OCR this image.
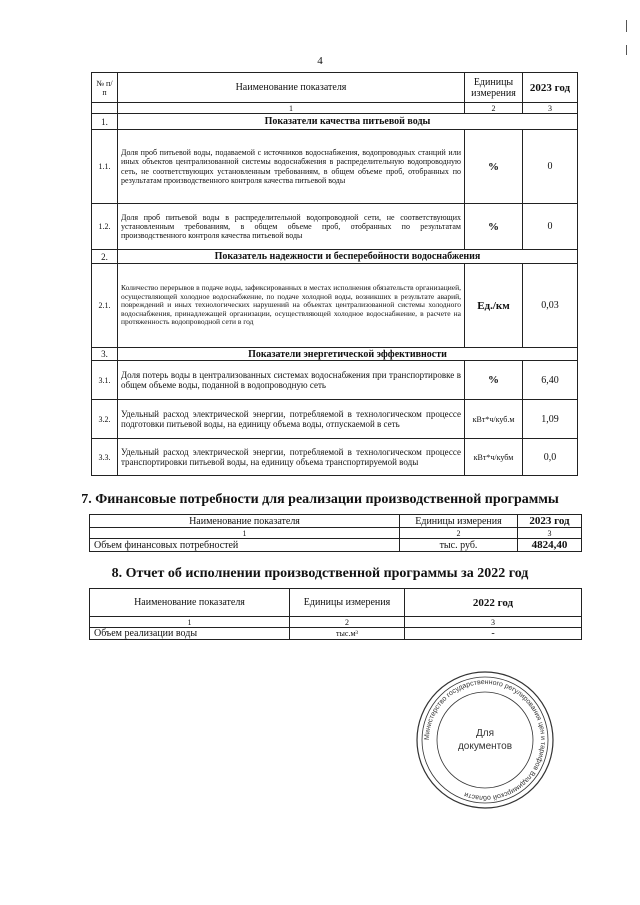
4
№ п/п	Наименование показателя	Единицы измерения	2023 год
	1	2	3
1.	Показатели качества питьевой воды		
1.1.	Доля проб питьевой воды, подаваемой с источников водоснабжения, водопроводных станций или иных объектов централизованной системы водоснабжения в распределительную водопроводную сеть, не соответствующих установленным требованиям, в общем объеме проб, отобранных по результатам производственного контроля качества питьевой воды	%	0
1.2.	Доля проб питьевой воды в распределительной водопроводной сети, не соответствующих установленным требованиям, в общем объеме проб, отобранных по результатам производственного контроля качества питьевой воды	%	0
2.	Показатель надежности и бесперебойности водоснабжения		
2.1.	Количество перерывов в подаче воды, зафиксированных в местах исполнения обязательств организацией, осуществляющей холодное водоснабжение, по подаче холодной воды, возникших в результате аварий, повреждений и иных технологических нарушений на объектах централизованной системы холодного водоснабжения, принадлежащей организации, осуществляющей холодное водоснабжение, в расчете на протяженность водопроводной сети в год	Ед./км	0,03
3.	Показатели энергетической эффективности		
3.1.	Доля потерь воды в централизованных системах водоснабжения при транспортировке в общем объеме воды, поданной в водопроводную сеть	%	6,40
3.2.	Удельный расход электрической энергии, потребляемой в технологическом процессе подготовки питьевой воды, на единицу объема воды, отпускаемой в сеть	кВт*ч/куб.м	1,09
3.3.	Удельный расход электрической энергии, потребляемой в технологическом процессе транспортировки питьевой воды, на единицу объема транспортируемой воды	кВт*ч/кубм	0,0
7. Финансовые потребности для реализации производственной программы
Наименование показателя	Единицы измерения	2023 год
1	2	3
Объем финансовых потребностей	тыс. руб.	4824,40
8. Отчет об исполнении производственной программы за 2022 год
Наименование показателя	Единицы измерения	2022 год
1	2	3
Объем реализации воды	тыс.м³	-
Министерство государственного регулирования цен и тарифов Владимирской области
Для
документов
